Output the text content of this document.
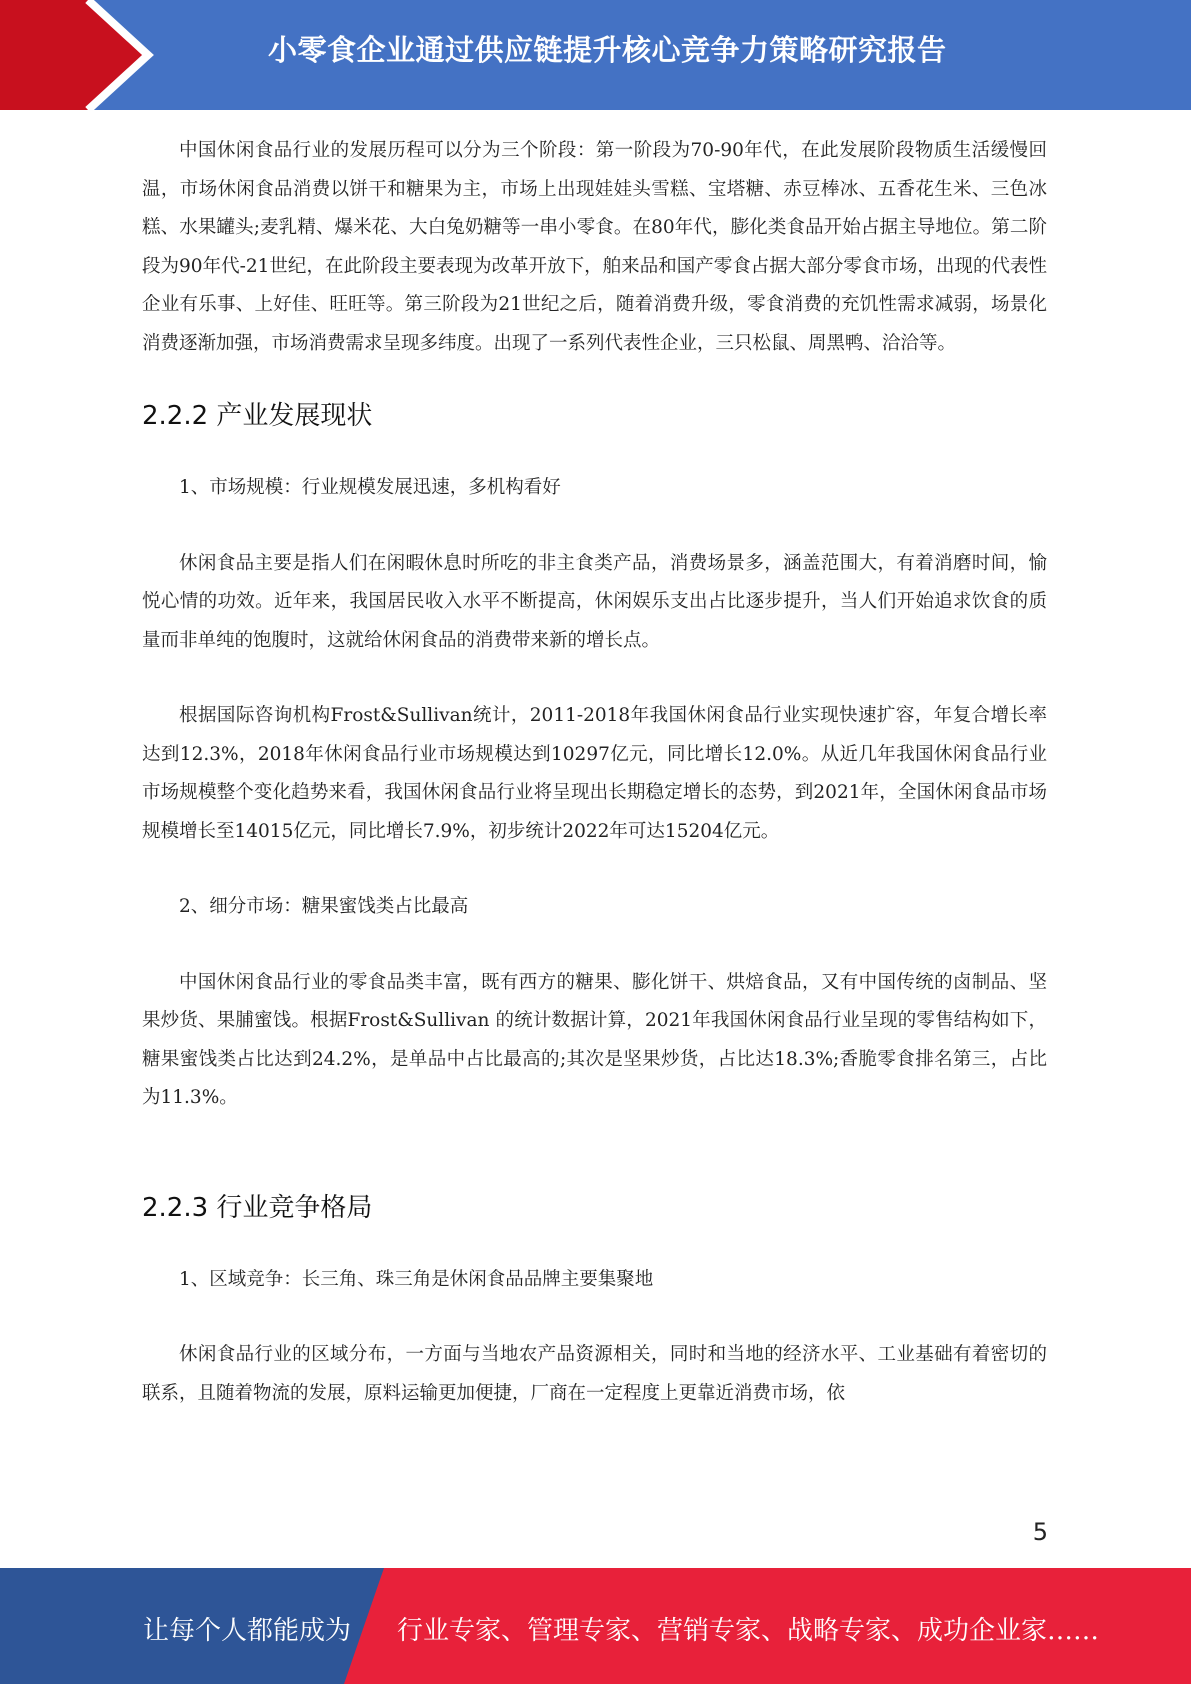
小零食企业通过供应链提升核心竞争力策略研究报告

中国休闲食品行业的发展历程可以分为三个阶段：第一阶段为70-90年代，在此发展阶段物质生活缓慢回温，市场休闲食品消费以饼干和糖果为主，市场上出现娃娃头雪糕、宝塔糖、赤豆棒冰、五香花生米、三色冰糕、水果罐头;麦乳精、爆米花、大白兔奶糖等一串小零食。在80年代，膨化类食品开始占据主导地位。第二阶段为90年代-21世纪，在此阶段主要表现为改革开放下，舶来品和国产零食占据大部分零食市场，出现的代表性企业有乐事、上好佳、旺旺等。第三阶段为21世纪之后，随着消费升级，零食消费的充饥性需求减弱，场景化消费逐渐加强，市场消费需求呈现多纬度。出现了一系列代表性企业，三只松鼠、周黑鸭、洽洽等。

2.2.2 产业发展现状

1、市场规模：行业规模发展迅速，多机构看好

休闲食品主要是指人们在闲暇休息时所吃的非主食类产品，消费场景多，涵盖范围大，有着消磨时间，愉悦心情的功效。近年来，我国居民收入水平不断提高，休闲娱乐支出占比逐步提升，当人们开始追求饮食的质量而非单纯的饱腹时，这就给休闲食品的消费带来新的增长点。

根据国际咨询机构Frost&Sullivan统计，2011-2018年我国休闲食品行业实现快速扩容，年复合增长率达到12.3%，2018年休闲食品行业市场规模达到10297亿元，同比增长12.0%。从近几年我国休闲食品行业市场规模整个变化趋势来看，我国休闲食品行业将呈现出长期稳定增长的态势，到2021年，全国休闲食品市场规模增长至14015亿元，同比增长7.9%，初步统计2022年可达15204亿元。

2、细分市场：糖果蜜饯类占比最高

中国休闲食品行业的零食品类丰富，既有西方的糖果、膨化饼干、烘焙食品，又有中国传统的卤制品、坚果炒货、果脯蜜饯。根据Frost&Sullivan 的统计数据计算，2021年我国休闲食品行业呈现的零售结构如下，糖果蜜饯类占比达到24.2%，是单品中占比最高的;其次是坚果炒货，占比达18.3%;香脆零食排名第三，占比为11.3%。

2.2.3 行业竞争格局

1、区域竞争：长三角、珠三角是休闲食品品牌主要集聚地

休闲食品行业的区域分布，一方面与当地农产品资源相关，同时和当地的经济水平、工业基础有着密切的联系，且随着物流的发展，原料运输更加便捷，厂商在一定程度上更靠近消费市场，依

5
让每个人都能成为 行业专家、管理专家、营销专家、战略专家、成功企业家……
